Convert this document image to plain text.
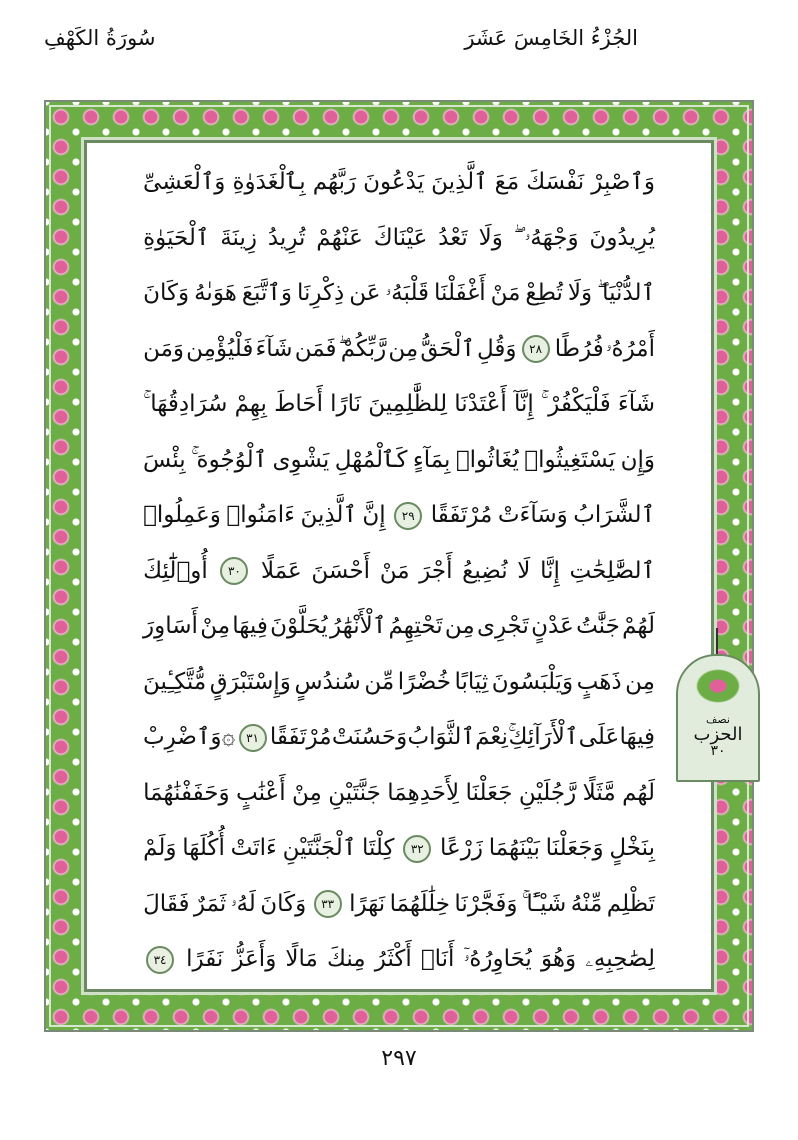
الجُزْءُ الخَامِسَ عَشَرَ
سُورَةُ الكَهْفِ
وَٱصْبِرْ
نَفْسَكَ
مَعَ
ٱلَّذِينَ
يَدْعُونَ
رَبَّهُم
بِٱلْغَدَوٰةِ
وَٱلْعَشِىِّ
يُرِيدُونَ
وَجْهَهُۥ
وَلَا
تَعْدُ
عَيْنَاكَ
عَنْهُمْ
تُرِيدُ
زِينَةَ
ٱلْحَيَوٰةِ
ٱلدُّنْيَا
وَلَا
تُطِعْ
مَنْ
أَغْفَلْنَا
قَلْبَهُۥ
عَن
ذِكْرِنَا
وَٱتَّبَعَ
هَوَىٰهُ
وَكَانَ
أَمْرُهُۥ
فُرُطًا
٢٨
وَقُلِ
ٱلْحَقُّ
مِن
رَّبِّكُمْ
فَمَن
شَآءَ
فَلْيُؤْمِن
وَمَن
شَآءَ
فَلْيَكْفُرْ
إِنَّآ
أَعْتَدْنَا
لِلظَّٰلِمِينَ
نَارًا
أَحَاطَ
بِهِمْ
سُرَادِقُهَا
وَإِن
يَسْتَغِيثُوا۟
يُغَاثُوا۟
بِمَآءٍ
كَٱلْمُهْلِ
يَشْوِى
ٱلْوُجُوهَ
بِئْسَ
ٱلشَّرَابُ
وَسَآءَتْ
مُرْتَفَقًا
٢٩
إِنَّ
ٱلَّذِينَ
ءَامَنُوا۟
وَعَمِلُوا۟
ٱلصَّٰلِحَٰتِ
إِنَّا
لَا
نُضِيعُ
أَجْرَ
مَنْ
أَحْسَنَ
عَمَلًا
٣٠
أُو۟لَٰٓئِكَ
لَهُمْ
جَنَّٰتُ
عَدْنٍ
تَجْرِى
مِن
تَحْتِهِمُ
ٱلْأَنْهَٰرُ
يُحَلَّوْنَ
فِيهَا
مِنْ
أَسَاوِرَ
مِن
ذَهَبٍ
وَيَلْبَسُونَ
ثِيَابًا
خُضْرًا
مِّن
سُندُسٍ
وَإِسْتَبْرَقٍ
مُّتَّكِـِٔينَ
فِيهَا
عَلَى
ٱلْأَرَآئِكِ
نِعْمَ
ٱلثَّوَابُ
وَحَسُنَتْ
مُرْتَفَقًا
٣١
۞
وَٱضْرِبْ
لَهُم
مَّثَلًا
رَّجُلَيْنِ
جَعَلْنَا
لِأَحَدِهِمَا
جَنَّتَيْنِ
مِنْ
أَعْنَٰبٍ
وَحَفَفْنَٰهُمَا
بِنَخْلٍ
وَجَعَلْنَا
بَيْنَهُمَا
زَرْعًا
٣٢
كِلْتَا
ٱلْجَنَّتَيْنِ
ءَاتَتْ
أُكُلَهَا
وَلَمْ
تَظْلِم
مِّنْهُ
شَيْـًٔا
وَفَجَّرْنَا
خِلَٰلَهُمَا
نَهَرًا
٣٣
وَكَانَ
لَهُۥ
ثَمَرٌ
فَقَالَ
لِصَٰحِبِهِۦ
وَهُوَ
يُحَاوِرُهُۥٓ
أَنَا۠
أَكْثَرُ
مِنكَ
مَالًا
وَأَعَزُّ
نَفَرًا
٣٤
نصف
الحزب
٣٠
٢٩٧
